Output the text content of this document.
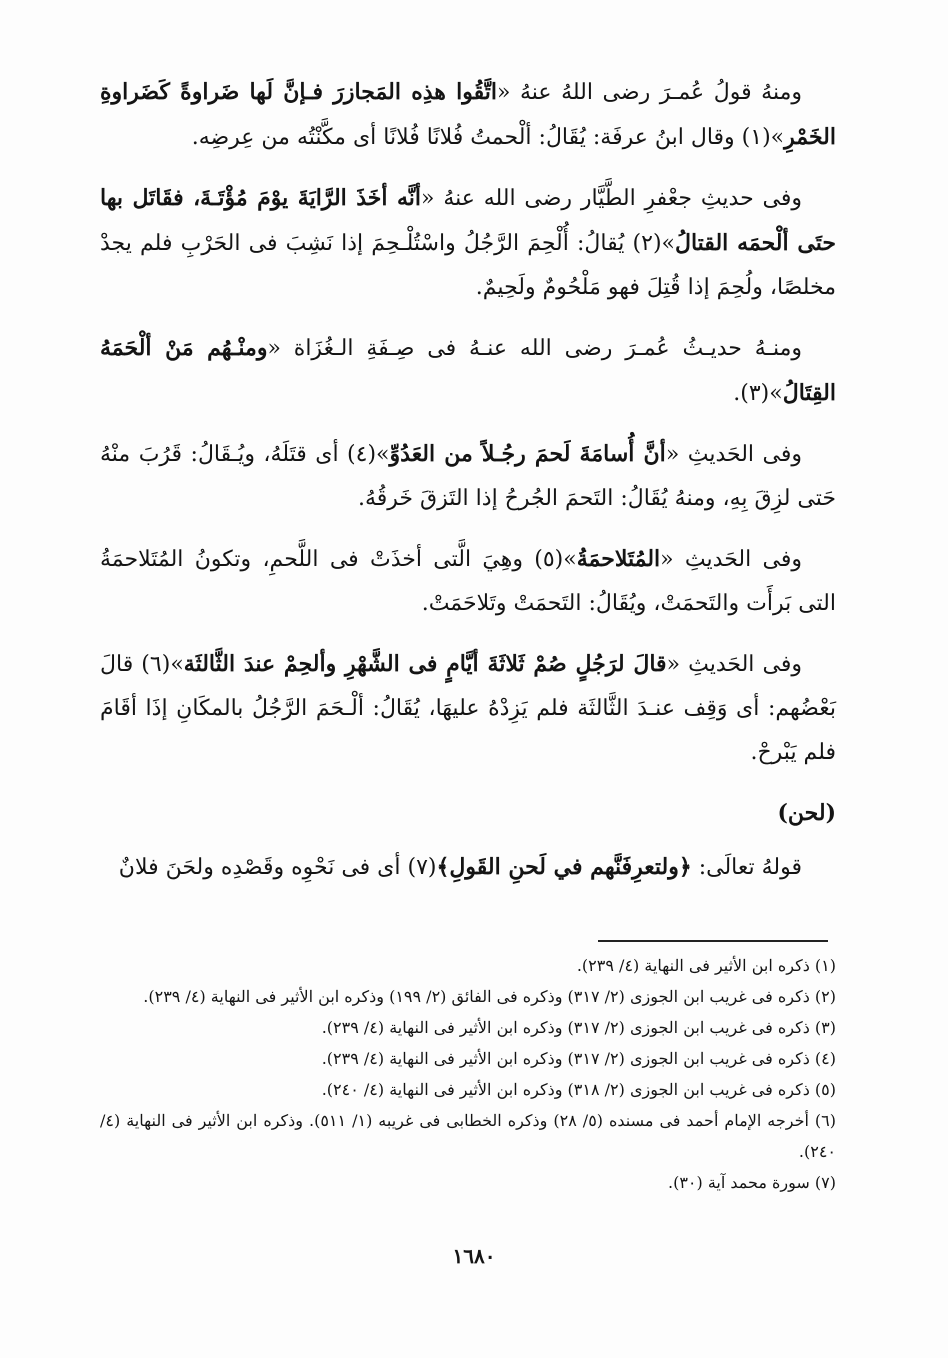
ومنهُ قولُ عُمـرَ رضى اللهُ عنهُ «اتَّقُوا هذِه المَجازرَ فـإنَّ لَها ضَراوةً كَضَراوةِ الخَمْرِ»(١) وقال ابنُ عرفَة: يُقَالُ: ألْحمتُ فُلانًا فُلانًا أى مكَّنْتُه من عِرضِه.

وفى حديثِ جعْفرِ الطَّيَّار رضى الله عنهُ «أنَّه أخَذَ الرَّايَةَ يوْمَ مُؤْتَـةَ، فقَاتَل بها حتَى ألْحمَه القتالُ»(٢) يُقالُ: أُلْحِمَ الرَّجُلُ واسْتُلْـحِمَ إذا نَشِبَ فى الحَرْبِ فلم يجدْ مخلصًا، ولُحِمَ إذا قُتِلَ فهو مَلْحُومٌ ولَحِيمٌ.

ومنـهُ حديـثُ عُمـرَ رضى الله عنـهُ فى صِـفَةِ الـغُزَاة «ومنْـهُم مَنْ ألْحَمَهُ القِتَالُ»(٣).

وفى الحَديثِ «أنَّ أُسامَةَ لَحمَ رجُـلاً من العَدُوِّ»(٤) أى قتَلَهُ، ويُـقَالُ: قَرُبَ منْهُ حَتى لزِقَ بِهِ، ومنهُ يُقَالُ: التَحمَ الجُرحُ إذا التَزقَ خَرقُهُ.

وفى الحَديثِ «المُتَلاحمَةُ»(٥) وهِيَ الَّتى أخذَتْ فى اللَّحمِ، وتكونُ المُتَلاحمَةُ التى بَرأَت والتَحمَتْ، ويُقَالُ: التَحمَتْ وتَلاحَمَتْ.

وفى الحَديثِ «قالَ لرَجُلٍ صُمْ ثَلاثَةَ أيَّامٍ فى الشَّهْرِ وألحِمْ عندَ الثَّالثَة»(٦) قالَ بَعْضُهم: أى وَقِف عنـدَ الثَّالثَة فلم يَزِدْهُ عليهَا، يُقَالُ: ألْـحَمَ الرَّجُلُ بالمكَانِ إذَا أقَامَ فلم يَبْرحْ.

(لحن)

قولهُ تعالَى: ﴿ولتعرِفَنَّهم في لَحنِ القَولِ﴾(٧) أى فى نَحْوِه وقَصْدِه ولحَنَ فلانٌ

(١) ذكره ابن الأثير فى النهاية (٤/ ٢٣٩).

(٢) ذكره فى غريب ابن الجوزى (٢/ ٣١٧) وذكره فى الفائق (٢/ ١٩٩) وذكره ابن الأثير فى النهاية (٤/ ٢٣٩).

(٣) ذكره فى غريب ابن الجوزى (٢/ ٣١٧) وذكره ابن الأثير فى النهاية (٤/ ٢٣٩).

(٤) ذكره فى غريب ابن الجوزى (٢/ ٣١٧) وذكره ابن الأثير فى النهاية (٤/ ٢٣٩).

(٥) ذكره فى غريب ابن الجوزى (٢/ ٣١٨) وذكره ابن الأثير فى النهاية (٤/ ٢٤٠).

(٦) أخرجه الإمام أحمد فى مسنده (٥/ ٢٨) وذكره الخطابى فى غريبه (١/ ٥١١). وذكره ابن الأثير فى النهاية (٤/ ٢٤٠).

(٧) سورة محمد آية (٣٠).

١٦٨٠
